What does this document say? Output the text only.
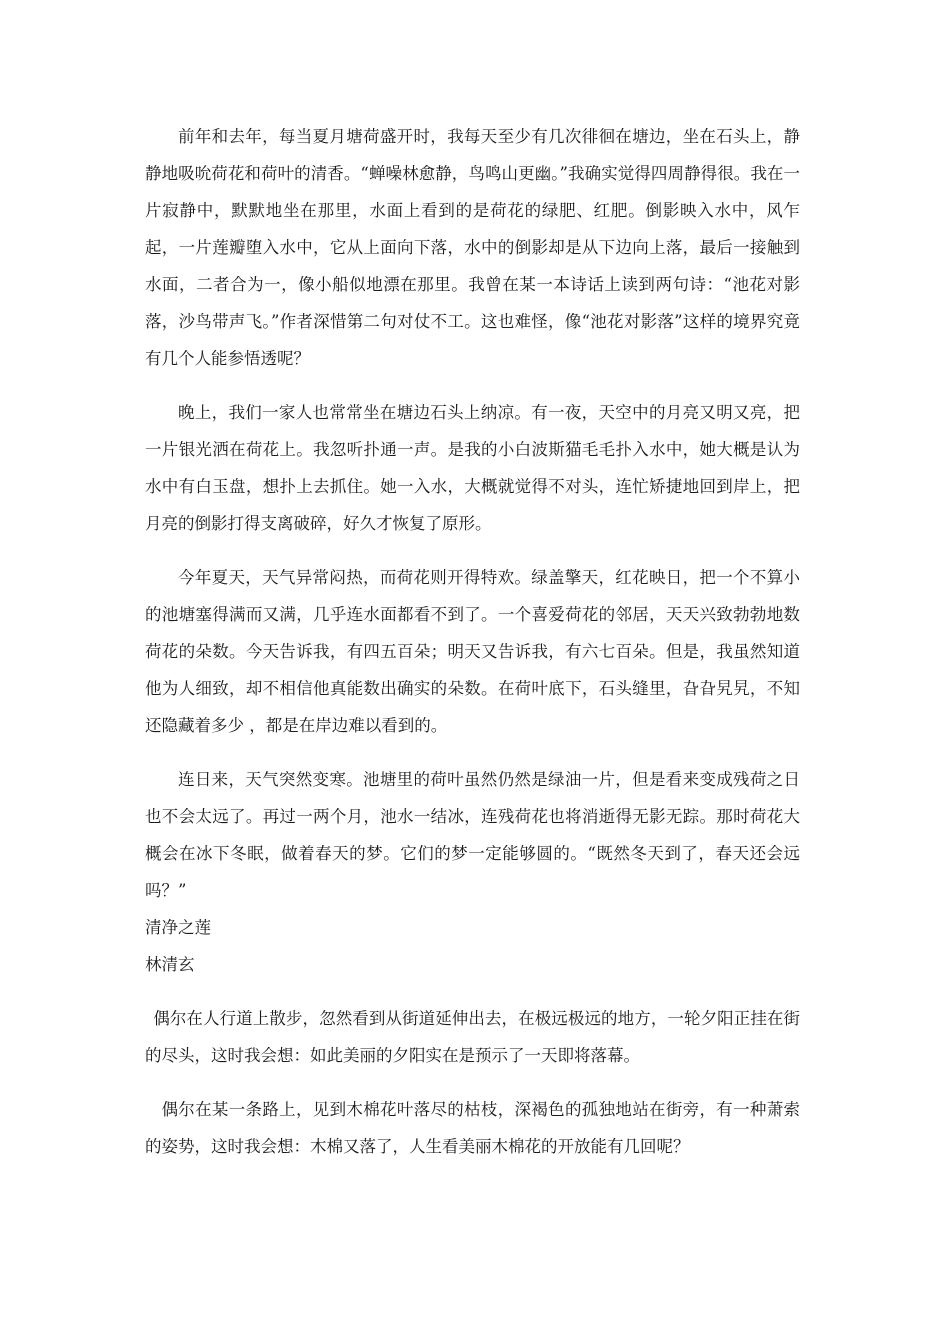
前年和去年，每当夏月塘荷盛开时，我每天至少有几次徘徊在塘边，坐在石头上，静静地吸吮荷花和荷叶的清香。“蝉噪林愈静，鸟鸣山更幽。”我确实觉得四周静得很。我在一片寂静中，默默地坐在那里，水面上看到的是荷花的绿肥、红肥。倒影映入水中，风乍起，一片莲瓣堕入水中，它从上面向下落，水中的倒影却是从下边向上落，最后一接触到水面，二者合为一，像小船似地漂在那里。我曾在某一本诗话上读到两句诗：“池花对影落，沙鸟带声飞。”作者深惜第二句对仗不工。这也难怪，像“池花对影落”这样的境界究竟有几个人能参悟透呢？

晚上，我们一家人也常常坐在塘边石头上纳凉。有一夜，天空中的月亮又明又亮，把一片银光洒在荷花上。我忽听扑通一声。是我的小白波斯猫毛毛扑入水中，她大概是认为水中有白玉盘，想扑上去抓住。她一入水，大概就觉得不对头，连忙矫捷地回到岸上，把月亮的倒影打得支离破碎，好久才恢复了原形。

今年夏天，天气异常闷热，而荷花则开得特欢。绿盖擎天，红花映日，把一个不算小的池塘塞得满而又满，几乎连水面都看不到了。一个喜爱荷花的邻居，天天兴致勃勃地数荷花的朵数。今天告诉我，有四五百朵；明天又告诉我，有六七百朵。但是，我虽然知道他为人细致，却不相信他真能数出确实的朵数。在荷叶底下，石头缝里，旮旮旯旯，不知还隐藏着多少 ，都是在岸边难以看到的。

连日来，天气突然变寒。池塘里的荷叶虽然仍然是绿油一片，但是看来变成残荷之日也不会太远了。再过一两个月，池水一结冰，连残荷花也将消逝得无影无踪。那时荷花大概会在冰下冬眠，做着春天的梦。它们的梦一定能够圆的。“既然冬天到了，春天还会远吗？”

清净之莲

林清玄

偶尔在人行道上散步，忽然看到从街道延伸出去，在极远极远的地方，一轮夕阳正挂在街的尽头，这时我会想：如此美丽的夕阳实在是预示了一天即将落幕。

偶尔在某一条路上，见到木棉花叶落尽的枯枝，深褐色的孤独地站在街旁，有一种萧索的姿势，这时我会想：木棉又落了，人生看美丽木棉花的开放能有几回呢？
